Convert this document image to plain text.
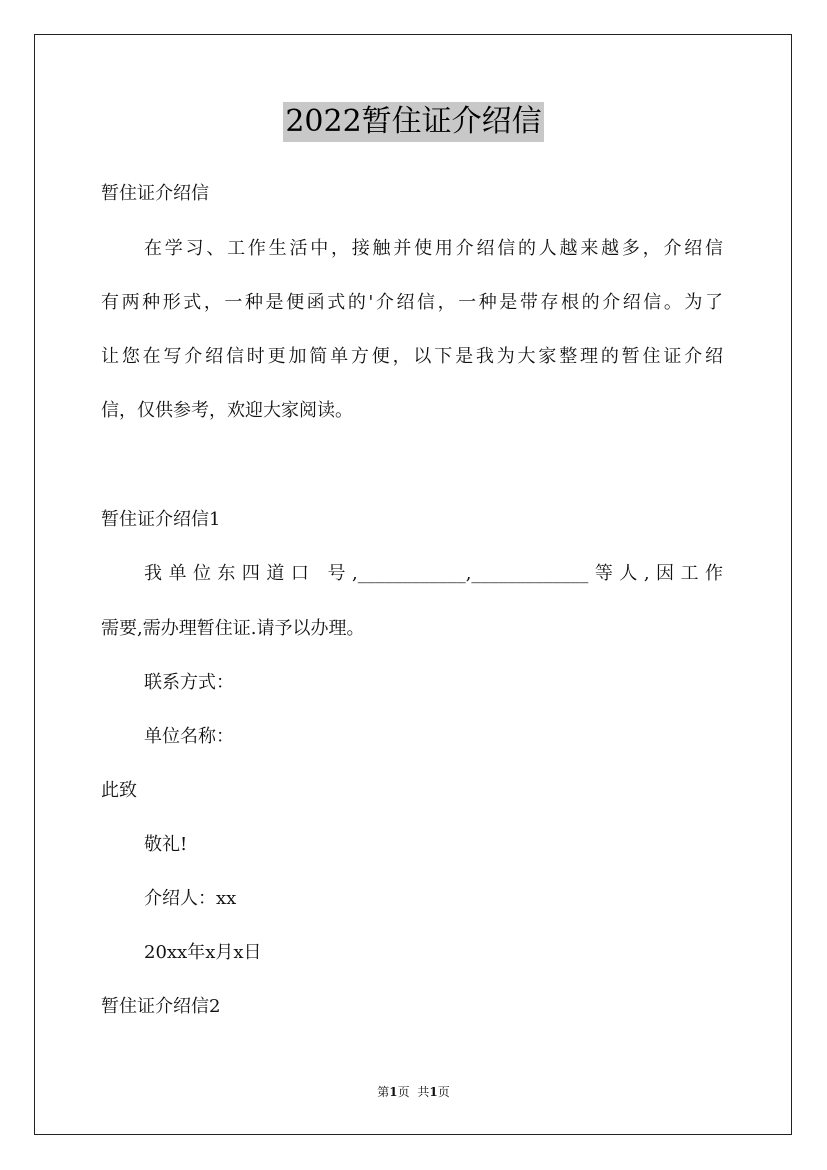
2022暂住证介绍信
暂住证介绍信
在学习、工作生活中，接触并使用介绍信的人越来越多，介绍信
有两种形式，一种是便函式的'介绍信，一种是带存根的介绍信。为了
让您在写介绍信时更加简单方便，以下是我为大家整理的暂住证介绍
信，仅供参考，欢迎大家阅读。
暂住证介绍信1
我单位东四道口 号,____________,_____________等人,因工作
需要,需办理暂住证.请予以办理。
联系方式：
单位名称：
此致
敬礼!
介绍人：xx
20xx年x月x日
暂住证介绍信2
第1页 共1页
